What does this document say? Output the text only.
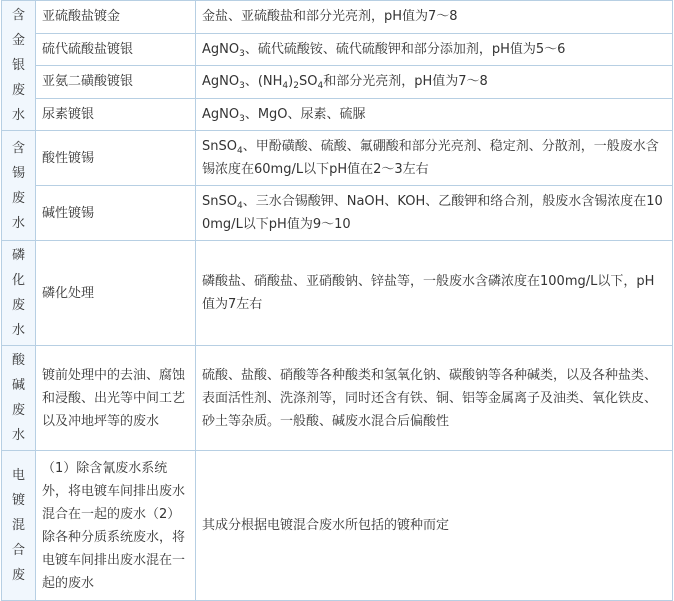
含金银废水	亚硫酸盐镀金	金盐、亚硫酸盐和部分光亮剂，pH值为7～8
	硫代硫酸盐镀银	AgNO$_3$、硫代硫酸铵、硫代硫酸钾和部分添加剂，pH值为5～6
	亚氨二磺酸镀银	AgNO$_3$、$(NH_4)_2SO_4$和部分光亮剂，pH值为7～8
	尿素镀银	AgNO$_3$、MgO、尿素、硫脲

含锡废水	酸性镀锡	SnSO$_4$、甲酚磺酸、硫酸、氟硼酸和部分光亮剂、稳定剂、分散剂，一般废水含锡浓度在60mg/L以下pH值在2～3左右
	碱性镀锡	SnSO$_4$、三水合锡酸钾、NaOH、KOH、乙酸钾和络合剂，般废水含锡浓度在100mg/L以下pH值为9～10

磷化废水	磷化处理	磷酸盐、硝酸盐、亚硝酸钠、锌盐等，一般废水含磷浓度在100mg/L以下，pH值为7左右

酸碱废水	镀前处理中的去油、腐蚀和浸酸、出光等中间工艺以及冲地坪等的废水	硫酸、盐酸、硝酸等各种酸类和氢氧化钠、碳酸钠等各种碱类，以及各种盐类、表面活性剂、洗涤剂等，同时还含有铁、铜、铝等金属离子及油类、氧化铁皮、砂土等杂质。一般酸、碱废水混合后偏酸性

电镀混合废	（1）除含氰废水系统外，将电镀车间排出废水混合在一起的废水（2）除各种分质系统废水，将电镀车间排出废水混在一起的废水	其成分根据电镀混合废水所包括的镀种而定
